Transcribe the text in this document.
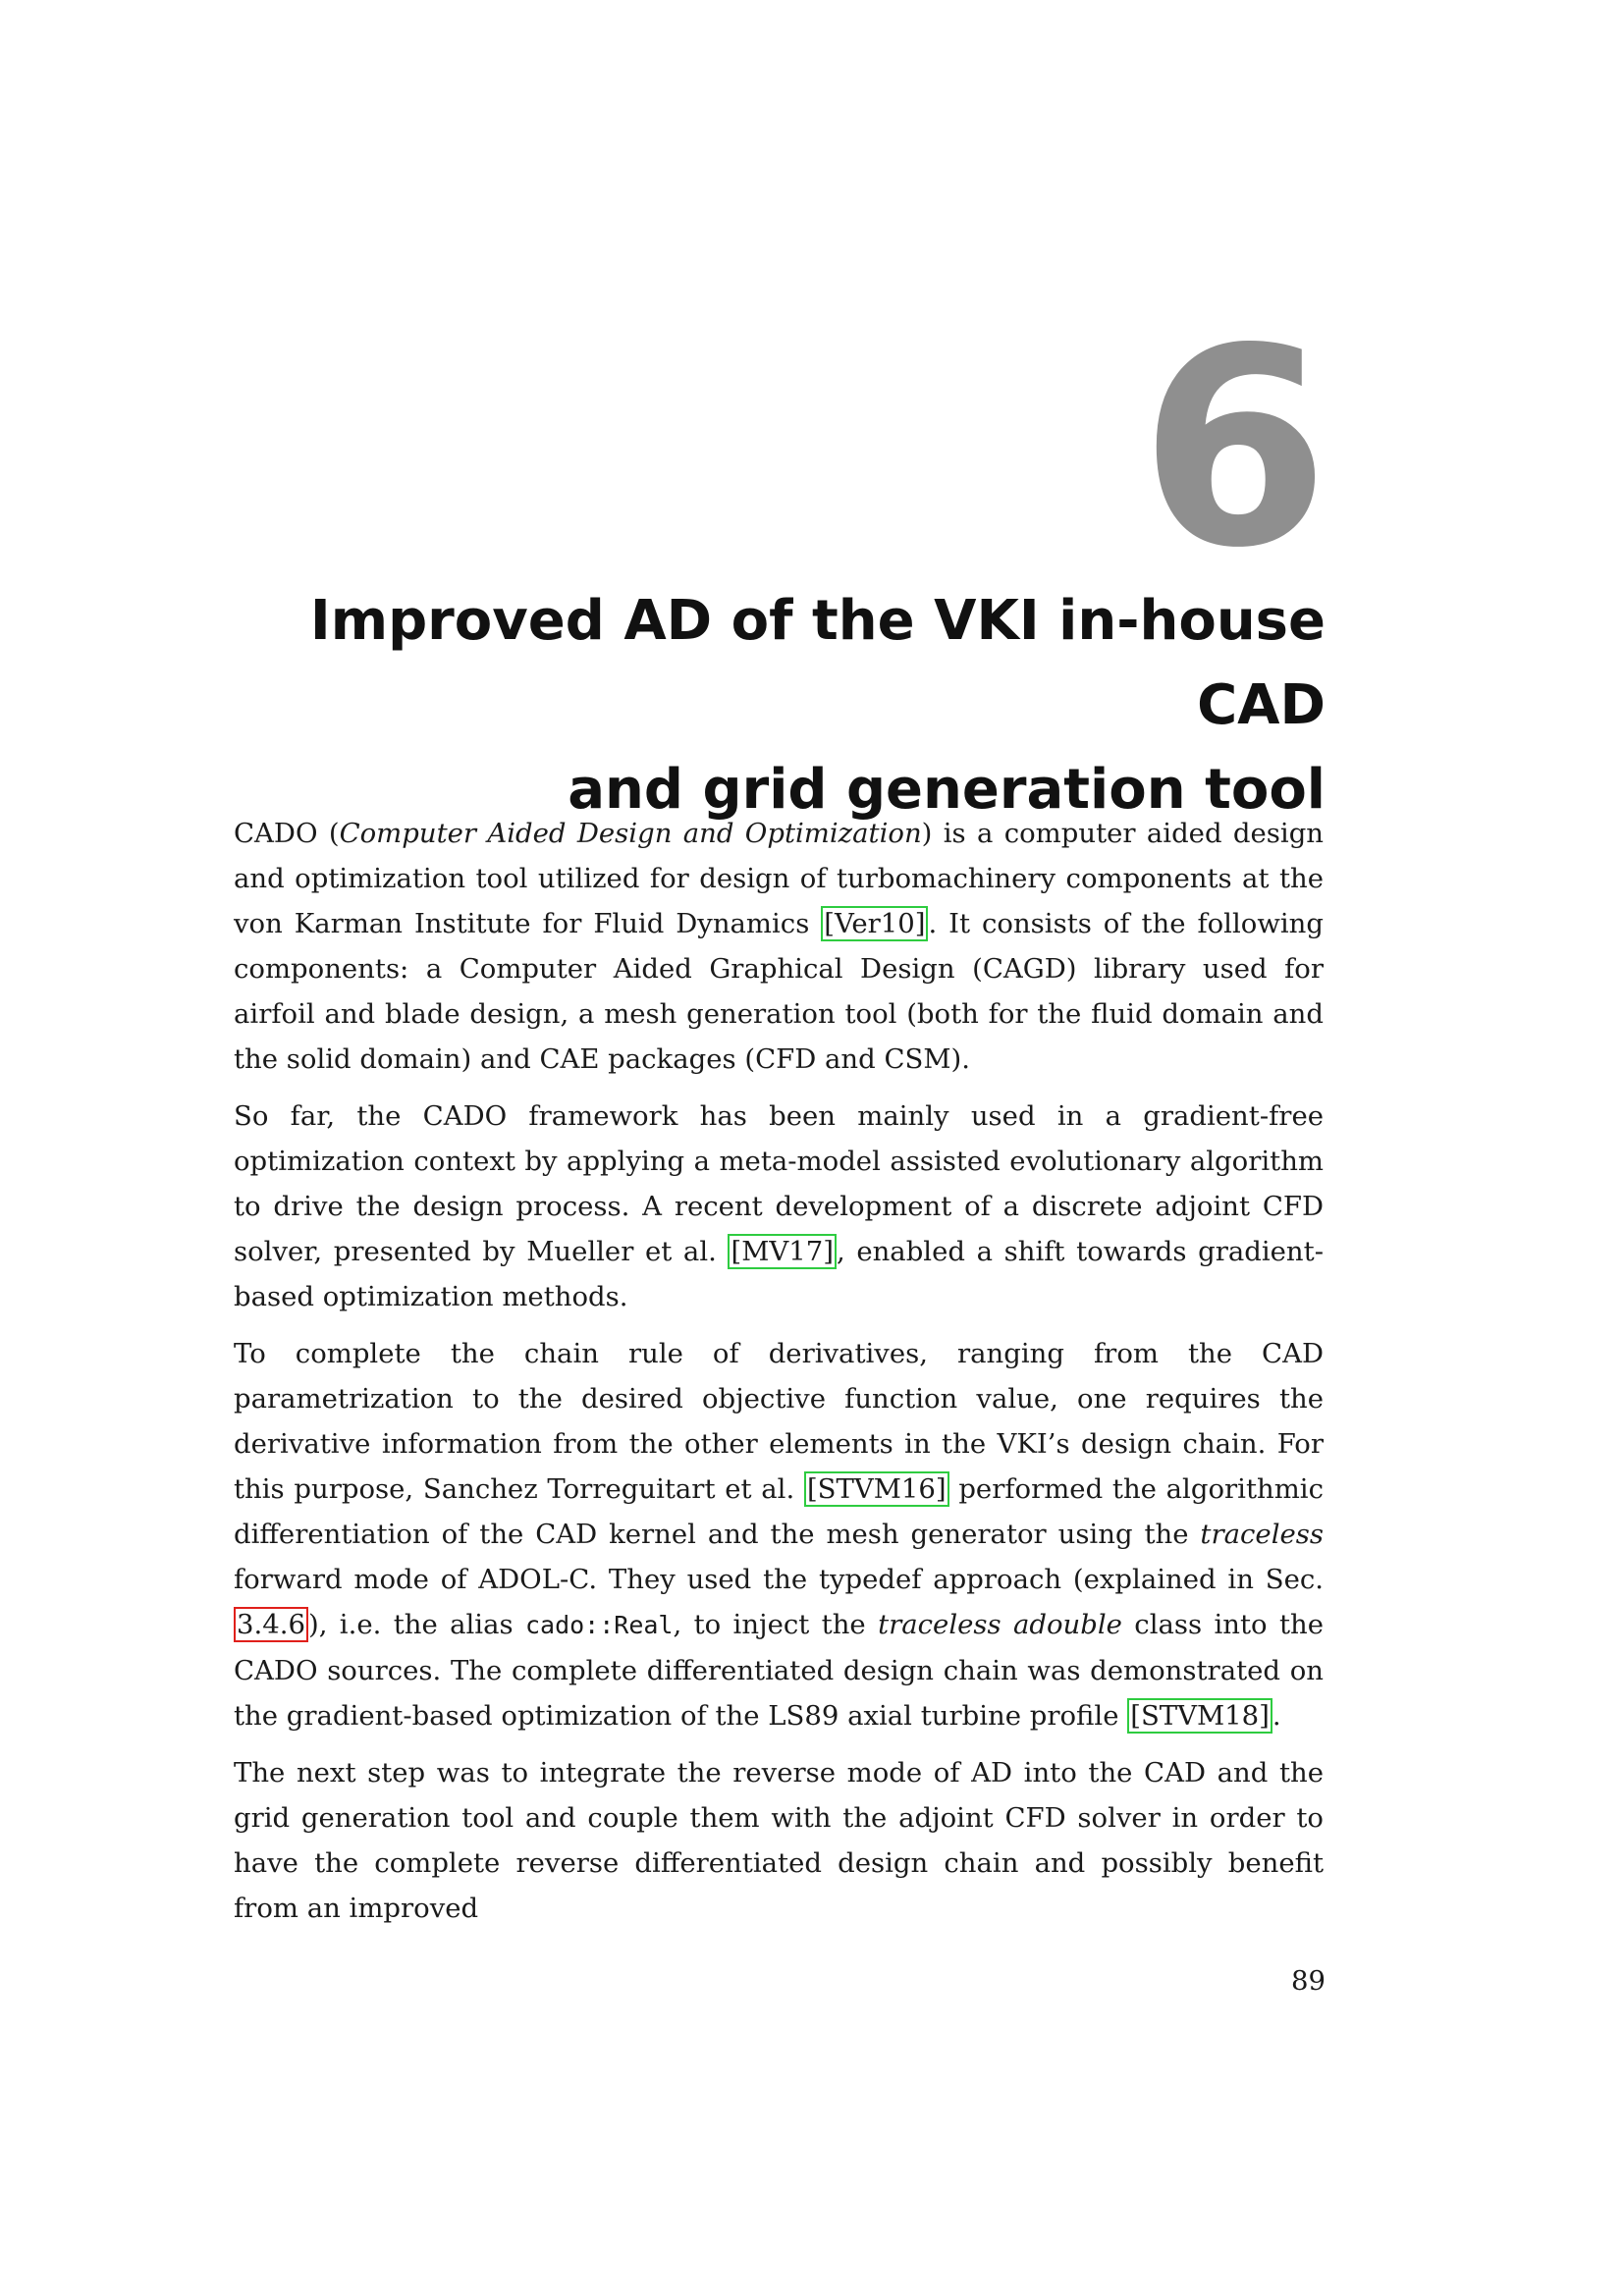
6
Improved AD of the VKI in-house CAD
and grid generation tool

CADO (Computer Aided Design and Optimization) is a computer aided design and optimization tool utilized for design of turbomachinery components at the von Karman Institute for Fluid Dynamics [Ver10] . It consists of the following components: a Computer Aided Graphical Design (CAGD) library used for airfoil and blade design, a mesh generation tool (both for the fluid domain and the solid domain) and CAE packages (CFD and CSM).

So far, the CADO framework has been mainly used in a gradient-free optimization context by applying a meta-model assisted evolutionary algorithm to drive the design process. A recent development of a discrete adjoint CFD solver, presented by Mueller et al. [MV17] , enabled a shift towards gradient-based optimization methods.

To complete the chain rule of derivatives, ranging from the CAD parametrization to the desired objective function value, one requires the derivative information from the other elements in the VKI’s design chain. For this purpose, Sanchez Torreguitart et al. [STVM16] performed the algorithmic differentiation of the CAD kernel and the mesh generator using the traceless forward mode of ADOL-C. They used the typedef approach (explained in Sec. 3.4.6 ), i.e. the alias cado::Real, to inject the traceless adouble class into the CADO sources. The complete differentiated design chain was demonstrated on the gradient-based optimization of the LS89 axial turbine profile [STVM18] .

The next step was to integrate the reverse mode of AD into the CAD and the grid generation tool and couple them with the adjoint CFD solver in order to have the complete reverse differentiated design chain and possibly benefit from an improved

89
